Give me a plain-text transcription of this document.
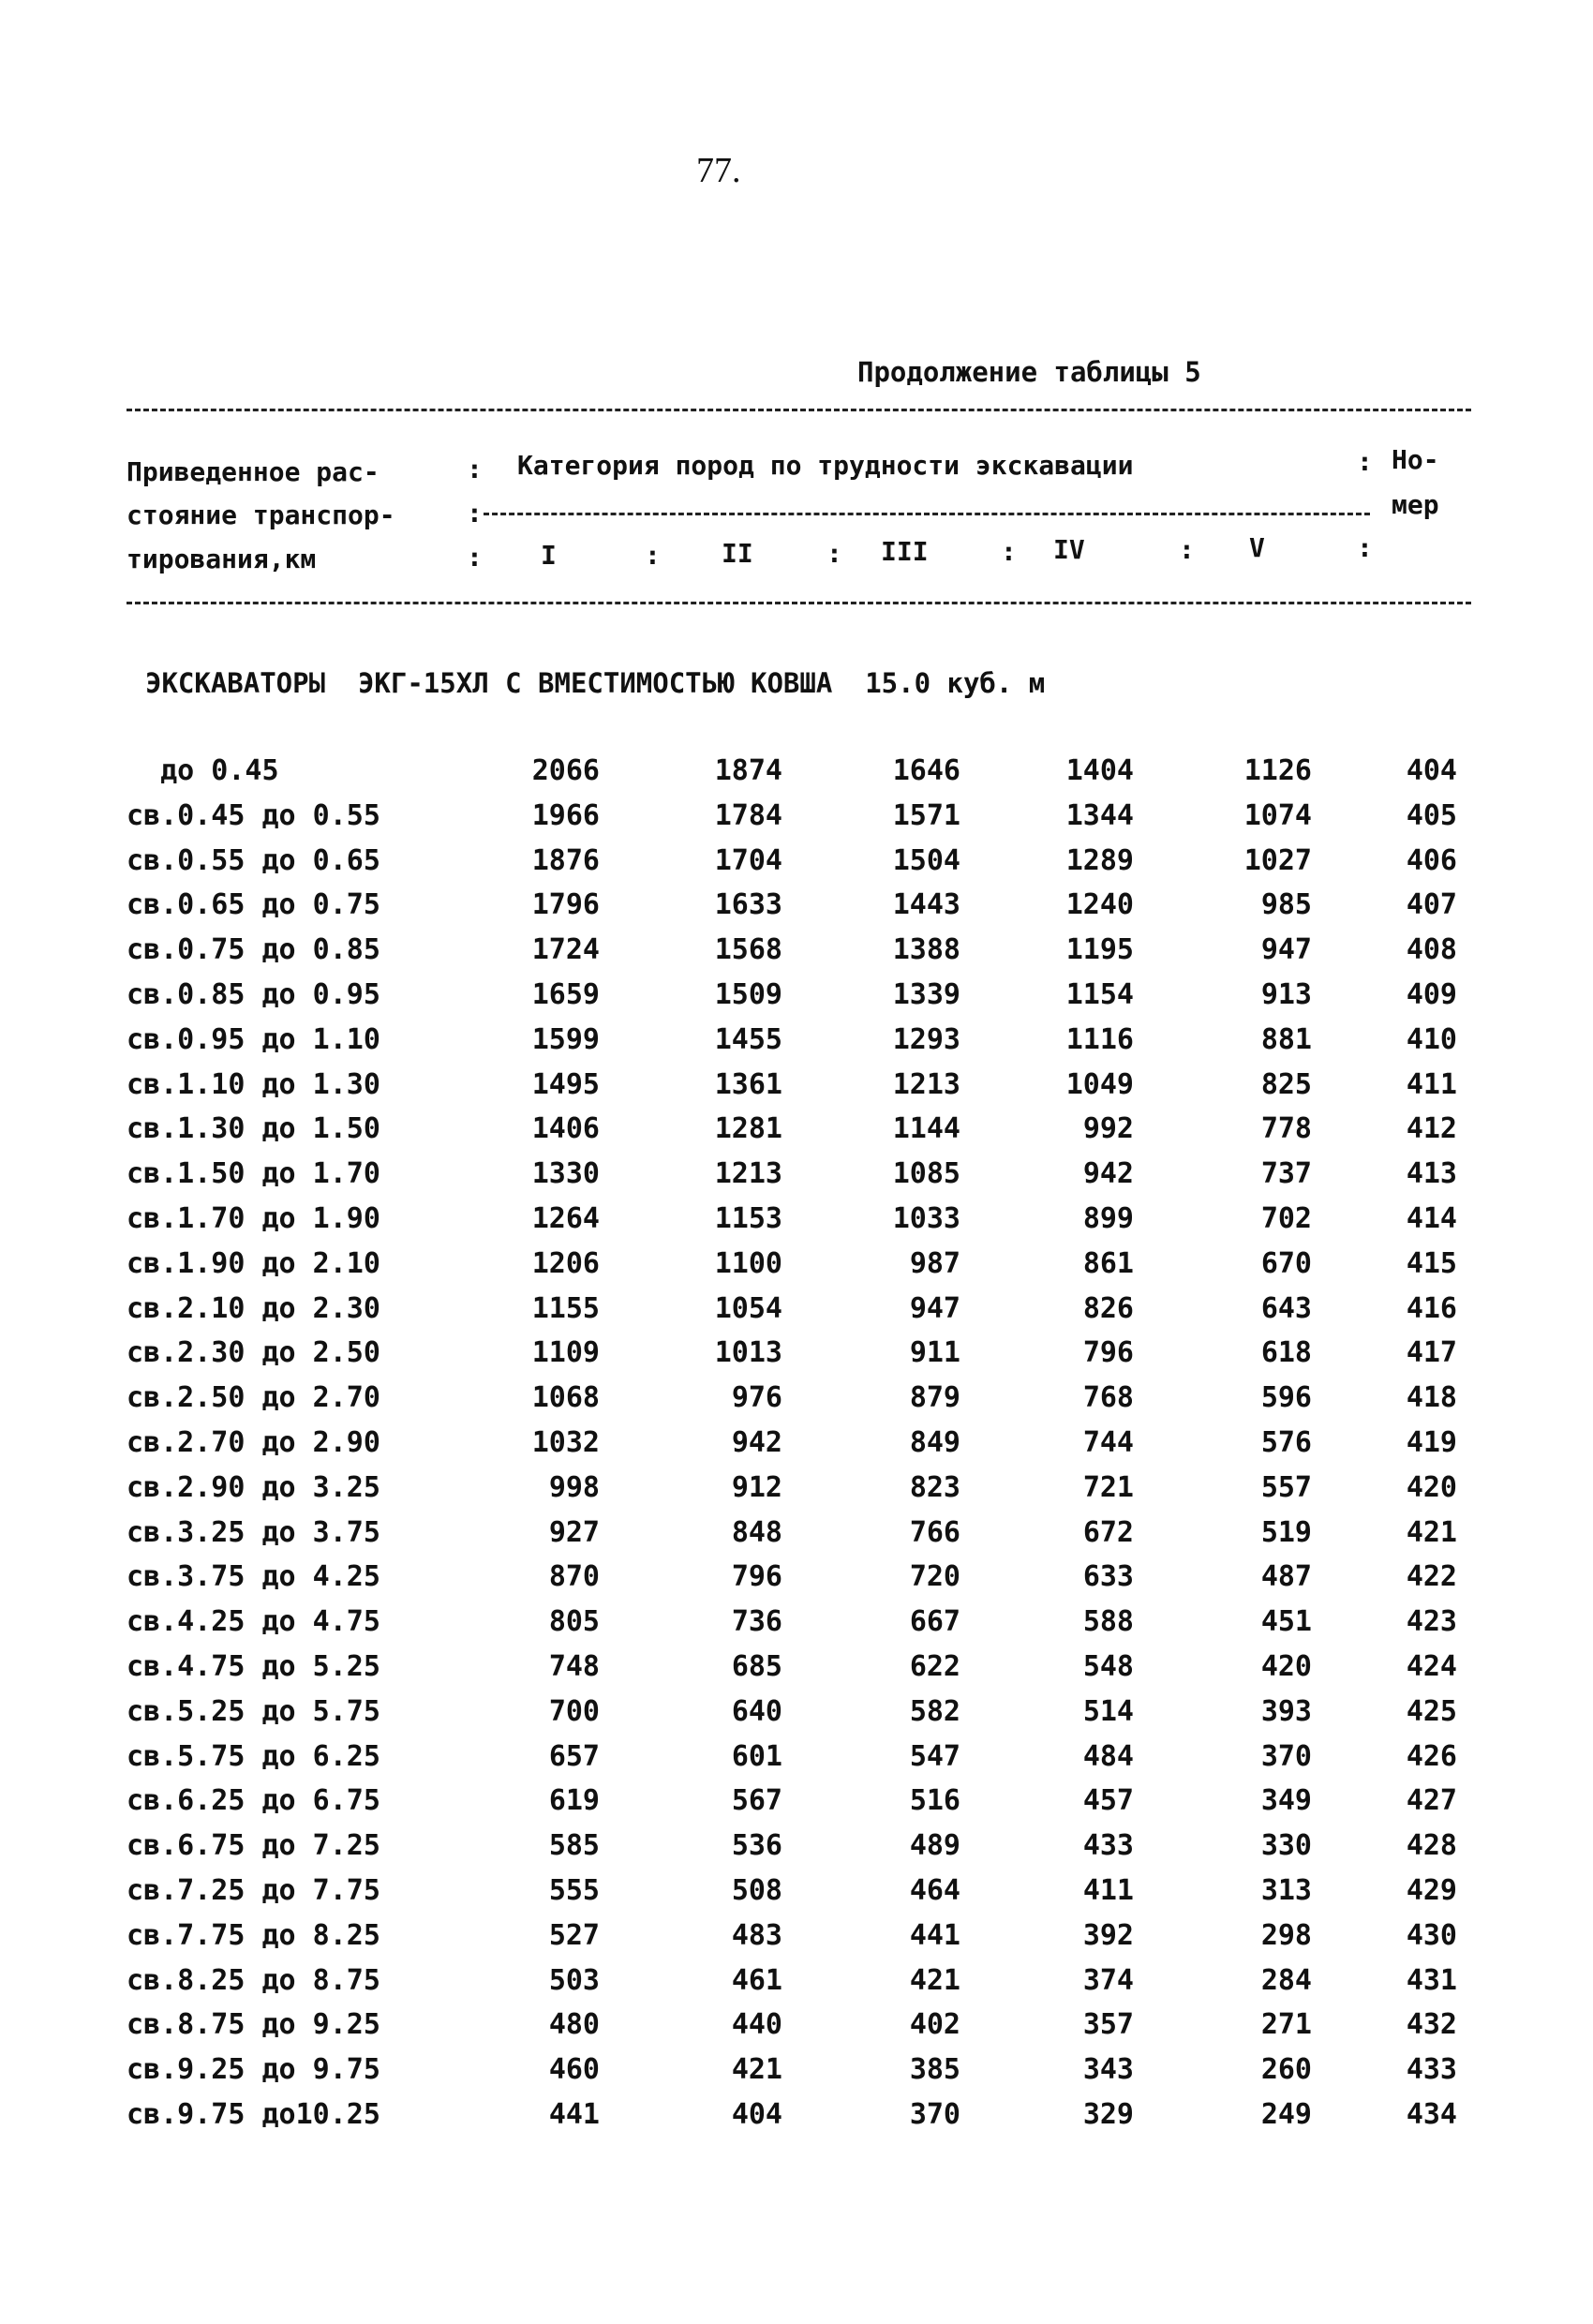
77.
Продолжение таблицы 5
Приведенное рас-	: Категория пород по трудности экскавации	: Но-
стояние транспор-	:	мер
тирования,км	: I	: II	: III	: IV	: V	:
ЭКСКАВАТОРЫ  ЭКГ-15ХЛ С ВМЕСТИМОСТЬЮ КОВША  15.0 куб. м
до 0.45	2066	1874	1646	1404	1126	404
св.0.45 до 0.55	1966	1784	1571	1344	1074	405
св.0.55 до 0.65	1876	1704	1504	1289	1027	406
св.0.65 до 0.75	1796	1633	1443	1240	985	407
св.0.75 до 0.85	1724	1568	1388	1195	947	408
св.0.85 до 0.95	1659	1509	1339	1154	913	409
св.0.95 до 1.10	1599	1455	1293	1116	881	410
св.1.10 до 1.30	1495	1361	1213	1049	825	411
св.1.30 до 1.50	1406	1281	1144	992	778	412
св.1.50 до 1.70	1330	1213	1085	942	737	413
св.1.70 до 1.90	1264	1153	1033	899	702	414
св.1.90 до 2.10	1206	1100	987	861	670	415
св.2.10 до 2.30	1155	1054	947	826	643	416
св.2.30 до 2.50	1109	1013	911	796	618	417
св.2.50 до 2.70	1068	976	879	768	596	418
св.2.70 до 2.90	1032	942	849	744	576	419
св.2.90 до 3.25	998	912	823	721	557	420
св.3.25 до 3.75	927	848	766	672	519	421
св.3.75 до 4.25	870	796	720	633	487	422
св.4.25 до 4.75	805	736	667	588	451	423
св.4.75 до 5.25	748	685	622	548	420	424
св.5.25 до 5.75	700	640	582	514	393	425
св.5.75 до 6.25	657	601	547	484	370	426
св.6.25 до 6.75	619	567	516	457	349	427
св.6.75 до 7.25	585	536	489	433	330	428
св.7.25 до 7.75	555	508	464	411	313	429
св.7.75 до 8.25	527	483	441	392	298	430
св.8.25 до 8.75	503	461	421	374	284	431
св.8.75 до 9.25	480	440	402	357	271	432
св.9.25 до 9.75	460	421	385	343	260	433
св.9.75 до10.25	441	404	370	329	249	434
